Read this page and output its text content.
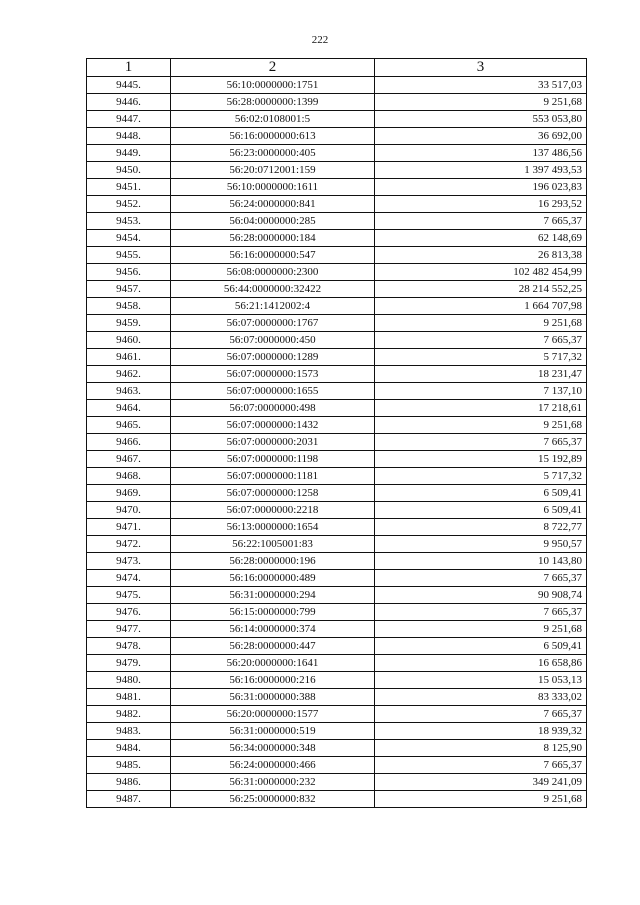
222
1	2	3
9445.	56:10:0000000:1751	33 517,03
9446.	56:28:0000000:1399	9 251,68
9447.	56:02:0108001:5	553 053,80
9448.	56:16:0000000:613	36 692,00
9449.	56:23:0000000:405	137 486,56
9450.	56:20:0712001:159	1 397 493,53
9451.	56:10:0000000:1611	196 023,83
9452.	56:24:0000000:841	16 293,52
9453.	56:04:0000000:285	7 665,37
9454.	56:28:0000000:184	62 148,69
9455.	56:16:0000000:547	26 813,38
9456.	56:08:0000000:2300	102 482 454,99
9457.	56:44:0000000:32422	28 214 552,25
9458.	56:21:1412002:4	1 664 707,98
9459.	56:07:0000000:1767	9 251,68
9460.	56:07:0000000:450	7 665,37
9461.	56:07:0000000:1289	5 717,32
9462.	56:07:0000000:1573	18 231,47
9463.	56:07:0000000:1655	7 137,10
9464.	56:07:0000000:498	17 218,61
9465.	56:07:0000000:1432	9 251,68
9466.	56:07:0000000:2031	7 665,37
9467.	56:07:0000000:1198	15 192,89
9468.	56:07:0000000:1181	5 717,32
9469.	56:07:0000000:1258	6 509,41
9470.	56:07:0000000:2218	6 509,41
9471.	56:13:0000000:1654	8 722,77
9472.	56:22:1005001:83	9 950,57
9473.	56:28:0000000:196	10 143,80
9474.	56:16:0000000:489	7 665,37
9475.	56:31:0000000:294	90 908,74
9476.	56:15:0000000:799	7 665,37
9477.	56:14:0000000:374	9 251,68
9478.	56:28:0000000:447	6 509,41
9479.	56:20:0000000:1641	16 658,86
9480.	56:16:0000000:216	15 053,13
9481.	56:31:0000000:388	83 333,02
9482.	56:20:0000000:1577	7 665,37
9483.	56:31:0000000:519	18 939,32
9484.	56:34:0000000:348	8 125,90
9485.	56:24:0000000:466	7 665,37
9486.	56:31:0000000:232	349 241,09
9487.	56:25:0000000:832	9 251,68
